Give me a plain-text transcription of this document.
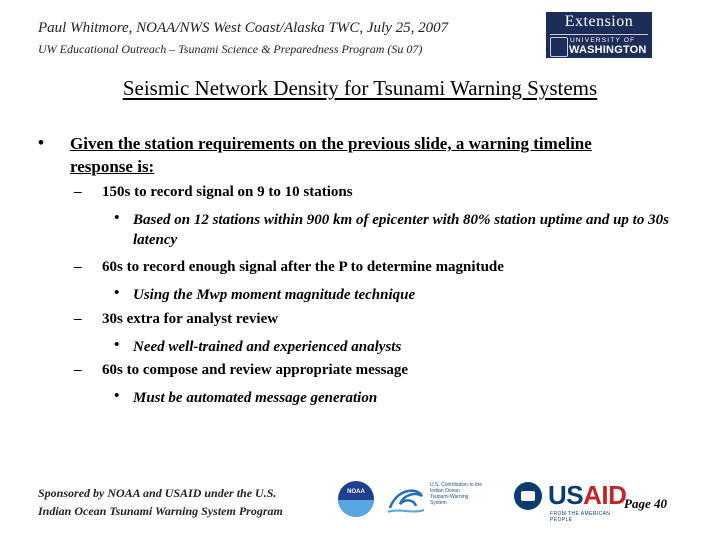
Paul Whitmore, NOAA/NWS West Coast/Alaska TWC, July 25, 2007
UW Educational Outreach – Tsunami Science & Preparedness Program (Su 07)
Extension
UNIVERSITY OF
WASHINGTON
Seismic Network Density for Tsunami Warning Systems
• Given the station requirements on the previous slide, a warning timeline response is:
– 150s to record signal on 9 to 10 stations
• Based on 12 stations within 900 km of epicenter with 80% station uptime and up to 30s latency
– 60s to record enough signal after the P to determine magnitude
• Using the Mwp moment magnitude technique
– 30s extra for analyst review
• Need well-trained and experienced analysts
– 60s to compose and review appropriate message
• Must be automated message generation
Sponsored by NOAA and USAID under the U.S.
Indian Ocean Tsunami Warning System Program
NOAA
U.S. Contribution to the
Indian Ocean
Tsunami Warning
System	USAID
FROM THE AMERICAN PEOPLE
Page 40
